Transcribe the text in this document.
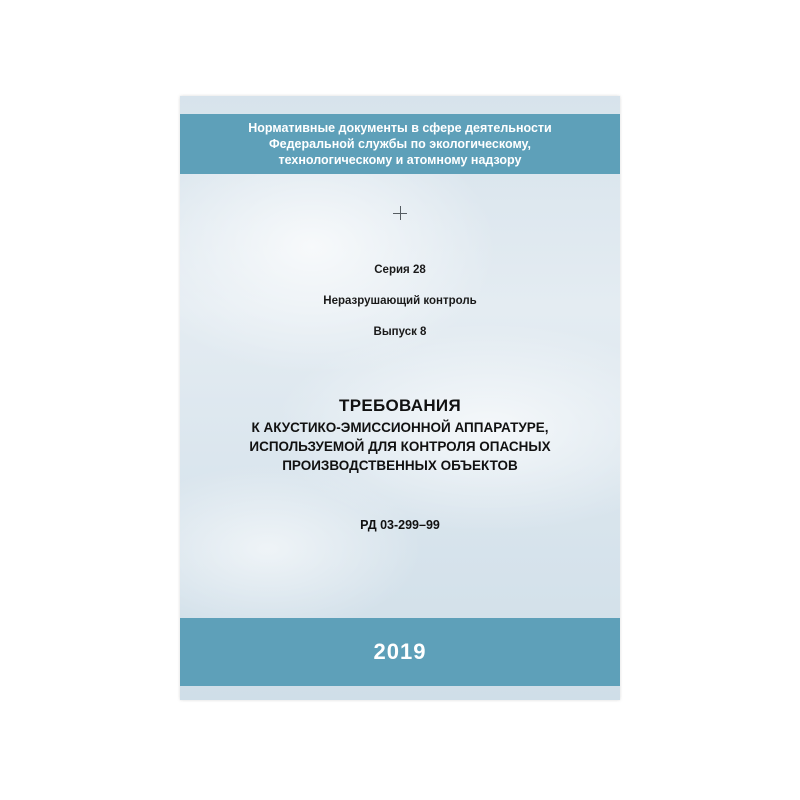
Нормативные документы в сфере деятельности
Федеральной службы по экологическому,
технологическому и атомному надзору
Серия 28
Неразрушающий контроль
Выпуск 8
ТРЕБОВАНИЯ
К АКУСТИКО-ЭМИССИОННОЙ АППАРАТУРЕ,
ИСПОЛЬЗУЕМОЙ ДЛЯ КОНТРОЛЯ ОПАСНЫХ
ПРОИЗВОДСТВЕННЫХ ОБЪЕКТОВ
РД 03-299–99
2019
